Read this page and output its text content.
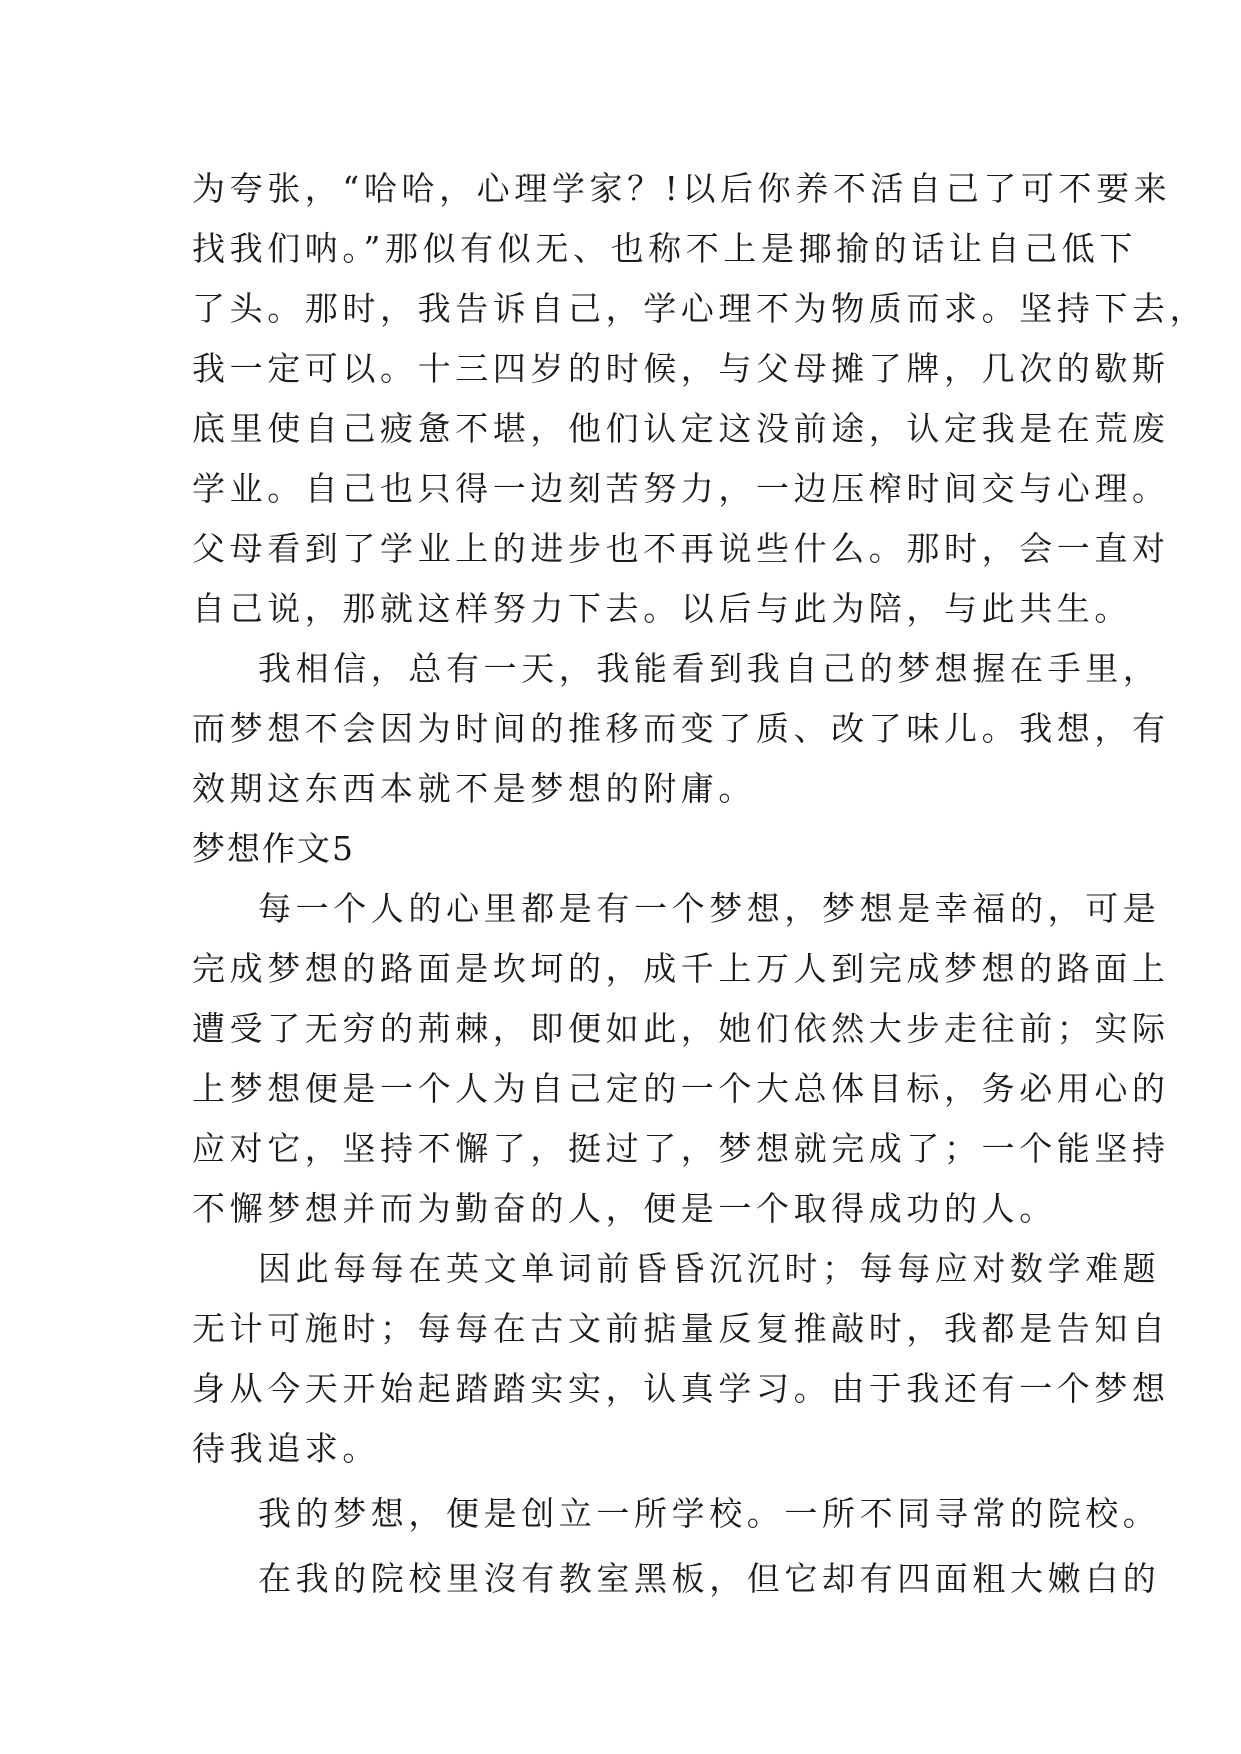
为夸张，“哈哈，心理学家？!以后你养不活自己了可不要来
找我们呐。”那似有似无、也称不上是揶揄的话让自己低下
了头。那时，我告诉自己，学心理不为物质而求。坚持下去，
我一定可以。十三四岁的时候，与父母摊了牌，几次的歇斯
底里使自己疲惫不堪，他们认定这没前途，认定我是在荒废
学业。自己也只得一边刻苦努力，一边压榨时间交与心理。
父母看到了学业上的进步也不再说些什么。那时，会一直对
自己说，那就这样努力下去。以后与此为陪，与此共生。
我相信，总有一天，我能看到我自己的梦想握在手里，
而梦想不会因为时间的推移而变了质、改了味儿。我想，有
效期这东西本就不是梦想的附庸。
梦想作文5
每一个人的心里都是有一个梦想，梦想是幸福的，可是
完成梦想的路面是坎坷的，成千上万人到完成梦想的路面上
遭受了无穷的荊棘，即便如此，她们依然大步走往前；实际
上梦想便是一个人为自己定的一个大总体目标，务必用心的
应对它，坚持不懈了，挺过了，梦想就完成了；一个能坚持
不懈梦想并而为勤奋的人，便是一个取得成功的人。
因此每每在英文单词前昏昏沉沉时；每每应对数学难题
无计可施时；每每在古文前掂量反复推敲时，我都是告知自
身从今天开始起踏踏实实，认真学习。由于我还有一个梦想
待我追求。
我的梦想，便是创立一所学校。一所不同寻常的院校。
在我的院校里沒有教室黑板，但它却有四面粗大嫩白的
